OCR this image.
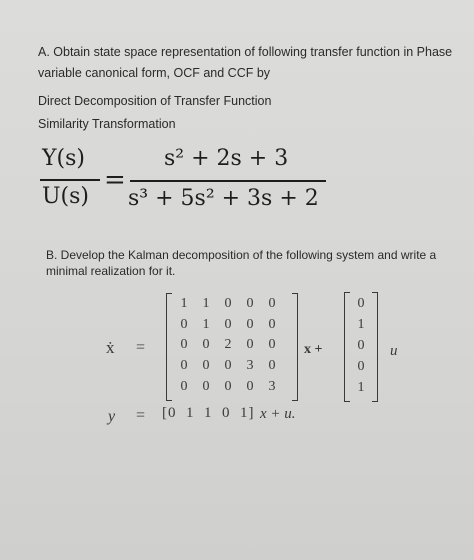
A. Obtain state space representation of following transfer function in Phase
variable canonical form, OCF and CCF by
Direct Decomposition of Transfer Function
Similarity Transformation
Y(s)
U(s)
=
s² + 2s + 3
s³ + 5s² + 3s + 2
B. Develop the Kalman decomposition of the following system and write a
minimal realization for it.
ẋ =
1	1	0	0	0
0	1	0	0	0
0	0	2	0	0
0	0	0	3	0
0	0	0	0	3
x +
0
1
0
0
1
u
y = [0  1  1  0  1] x + u.
